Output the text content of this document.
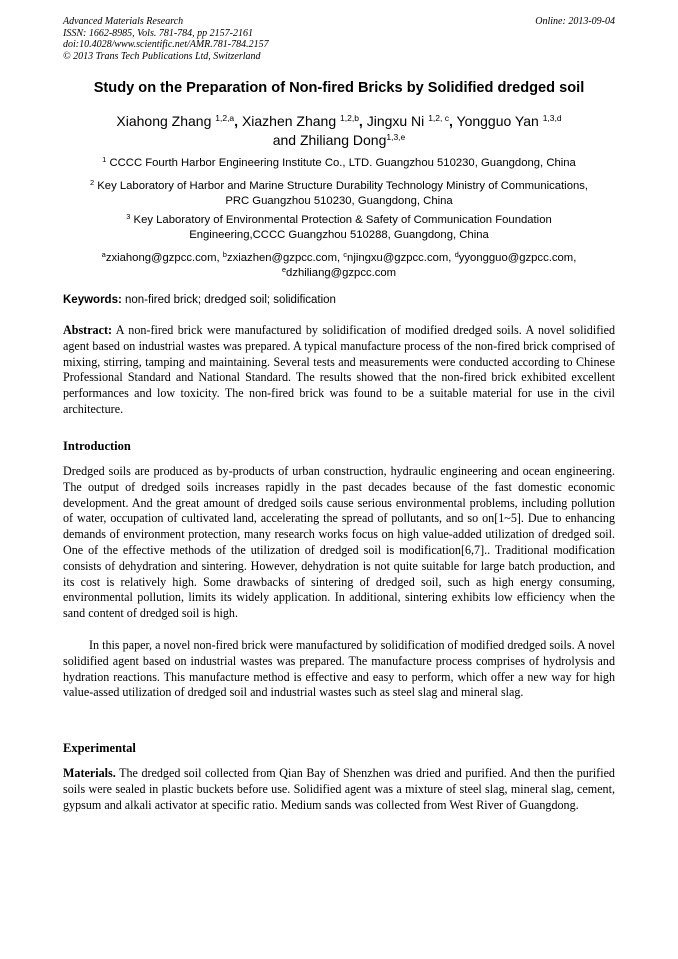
Advanced Materials Research
ISSN: 1662-8985, Vols. 781-784, pp 2157-2161
doi:10.4028/www.scientific.net/AMR.781-784.2157
© 2013 Trans Tech Publications Ltd, Switzerland
Online: 2013-09-04
Study on the Preparation of Non-fired Bricks by Solidified dredged soil
Xiahong Zhang $^{1,2,a}$, Xiazhen Zhang $^{1,2,b}$, Jingxu Ni $^{1,2, c}$, Yongguo Yan $^{1,3,d}$
and Zhiliang Dong$^{1,3,e}$
$^1$ CCCC Fourth Harbor Engineering Institute Co., LTD. Guangzhou 510230, Guangdong, China
$^2$ Key Laboratory of Harbor and Marine Structure Durability Technology Ministry of Communications,
PRC Guangzhou 510230, Guangdong, China
$^3$ Key Laboratory of Environmental Protection & Safety of Communication Foundation
Engineering,CCCC Guangzhou 510288, Guangdong, China
$^a$zxiahong@gzpcc.com, $^b$zxiazhen@gzpcc.com, $^c$njingxu@gzpcc.com, $^d$yyongguo@gzpcc.com,
$^e$dzhiliang@gzpcc.com
Keywords: non-fired brick; dredged soil; solidification

Abstract: A non-fired brick were manufactured by solidification of modified dredged soils. A novel solidified agent based on industrial wastes was prepared. A typical manufacture process of the non-fired brick comprised of mixing, stirring, tamping and maintaining. Several tests and measurements were conducted according to Chinese Professional Standard and National Standard. The results showed that the non-fired brick exhibited excellent performances and low toxicity. The non-fired brick was found to be a suitable material for use in the civil architecture.

Introduction

Dredged soils are produced as by-products of urban construction, hydraulic engineering and ocean engineering. The output of dredged soils increases rapidly in the past decades because of the fast domestic economic development. And the great amount of dredged soils cause serious environmental problems, including pollution of water, occupation of cultivated land, accelerating the spread of pollutants, and so on[1~5]. Due to enhancing demands of environment protection, many research works focus on high value-added utilization of dredged soil. One of the effective methods of the utilization of dredged soil is modification[6,7].. Traditional modification consists of dehydration and sintering. However, dehydration is not quite suitable for large batch production, and its cost is relatively high. Some drawbacks of sintering of dredged soil, such as high energy consuming, environmental pollution, limits its widely application. In additional, sintering exhibits low efficiency when the sand content of dredged soil is high.

In this paper, a novel non-fired brick were manufactured by solidification of modified dredged soils. A novel solidified agent based on industrial wastes was prepared. The manufacture process comprises of hydrolysis and hydration reactions. This manufacture method is effective and easy to perform, which offer a new way for high value-assed utilization of dredged soil and industrial wastes such as steel slag and mineral slag.

Experimental

Materials. The dredged soil collected from Qian Bay of Shenzhen was dried and purified. And then the purified soils were sealed in plastic buckets before use. Solidified agent was a mixture of steel slag, mineral slag, cement, gypsum and alkali activator at specific ratio. Medium sands was collected from West River of Guangdong.
